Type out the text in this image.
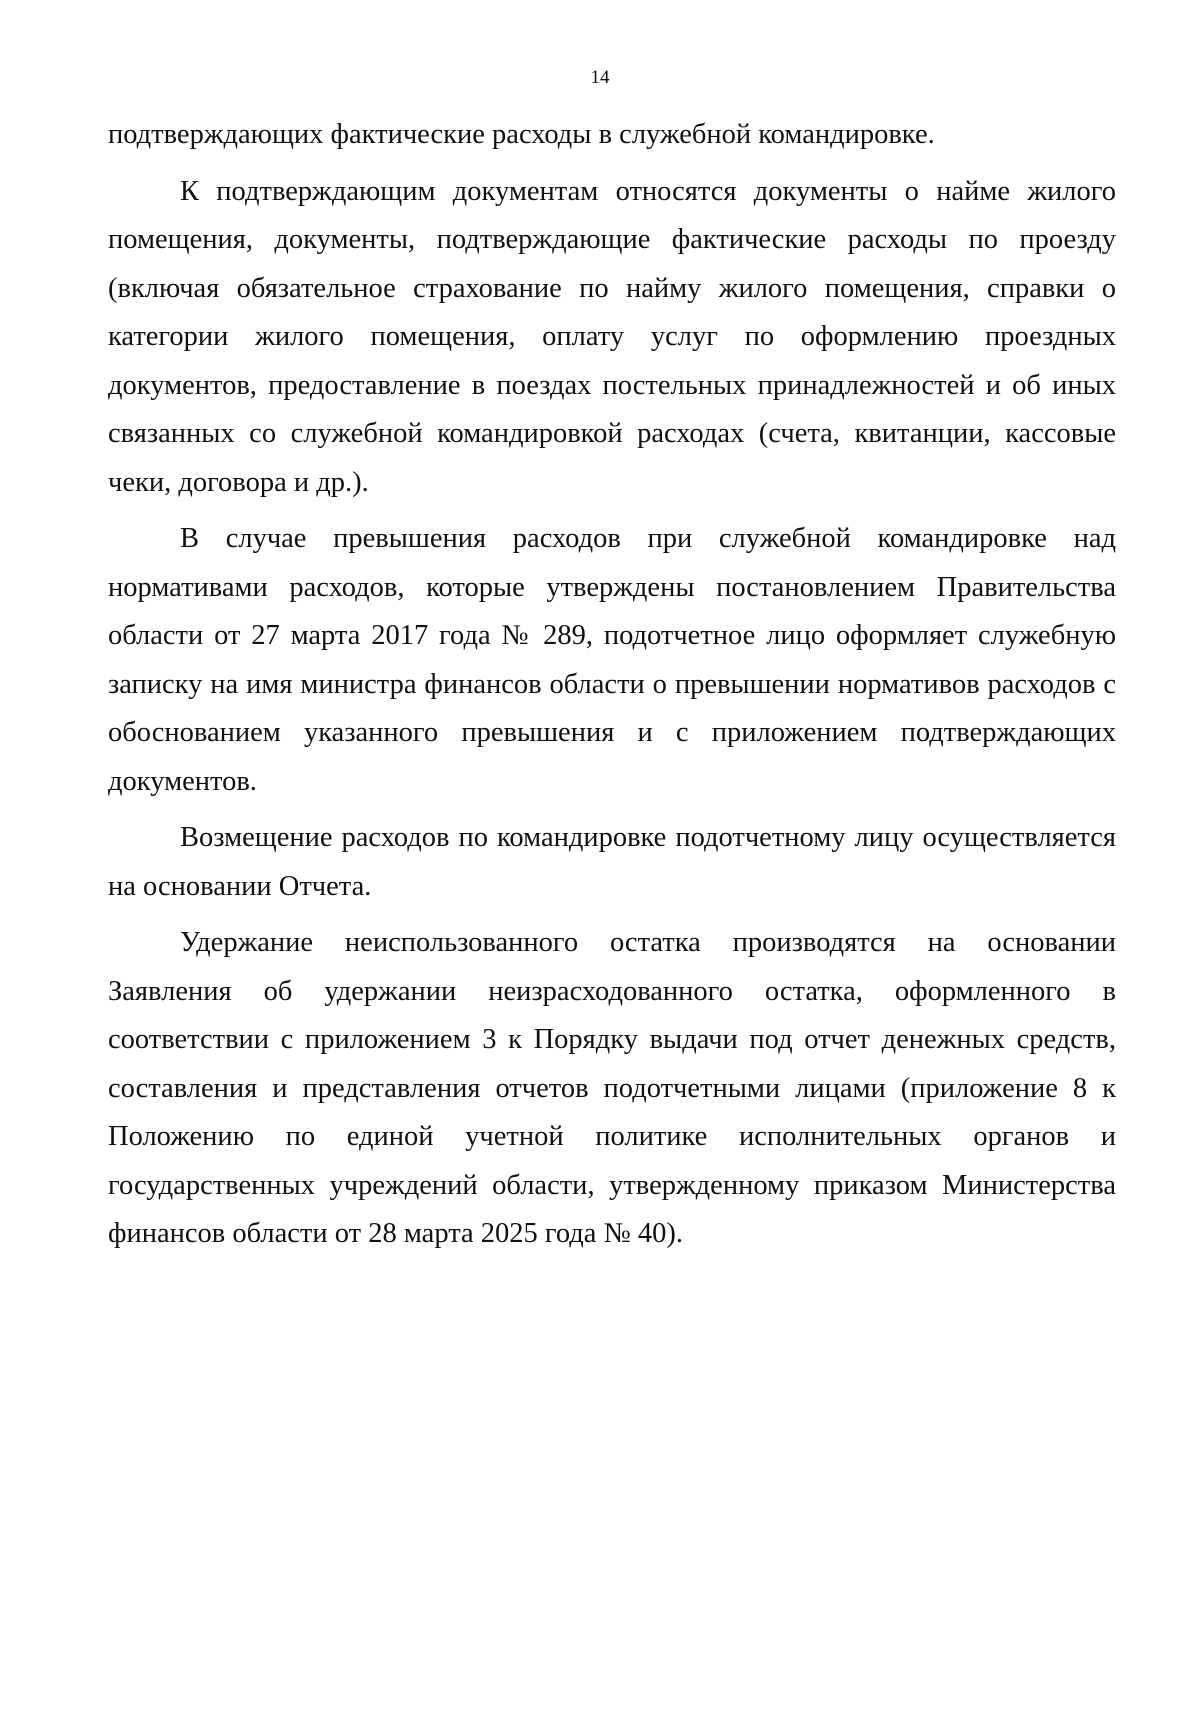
14

подтверждающих фактические расходы в служебной командировке.

К подтверждающим документам относятся документы о найме жилого помещения, документы, подтверждающие фактические расходы по проезду (включая обязательное страхование по найму жилого помещения, справки о категории жилого помещения, оплату услуг по оформлению проездных документов, предоставление в поездах постельных принадлежностей и об иных связанных со служебной командировкой расходах (счета, квитанции, кассовые чеки, договора и др.).

В случае превышения расходов при служебной командировке над нормативами расходов, которые утверждены постановлением Правительства области от 27 марта 2017 года № 289, подотчетное лицо оформляет служебную записку на имя министра финансов области о превышении нормативов расходов с обоснованием указанного превышения и с приложением подтверждающих документов.

Возмещение расходов по командировке подотчетному лицу осуществляется на основании Отчета.

Удержание неиспользованного остатка производятся на основании Заявления об удержании неизрасходованного остатка, оформленного в соответствии с приложением 3 к Порядку выдачи под отчет денежных средств, составления и представления отчетов подотчетными лицами (приложение 8 к Положению по единой учетной политике исполнительных органов и государственных учреждений области, утвержденному приказом Министерства финансов области от 28 марта 2025 года № 40).
